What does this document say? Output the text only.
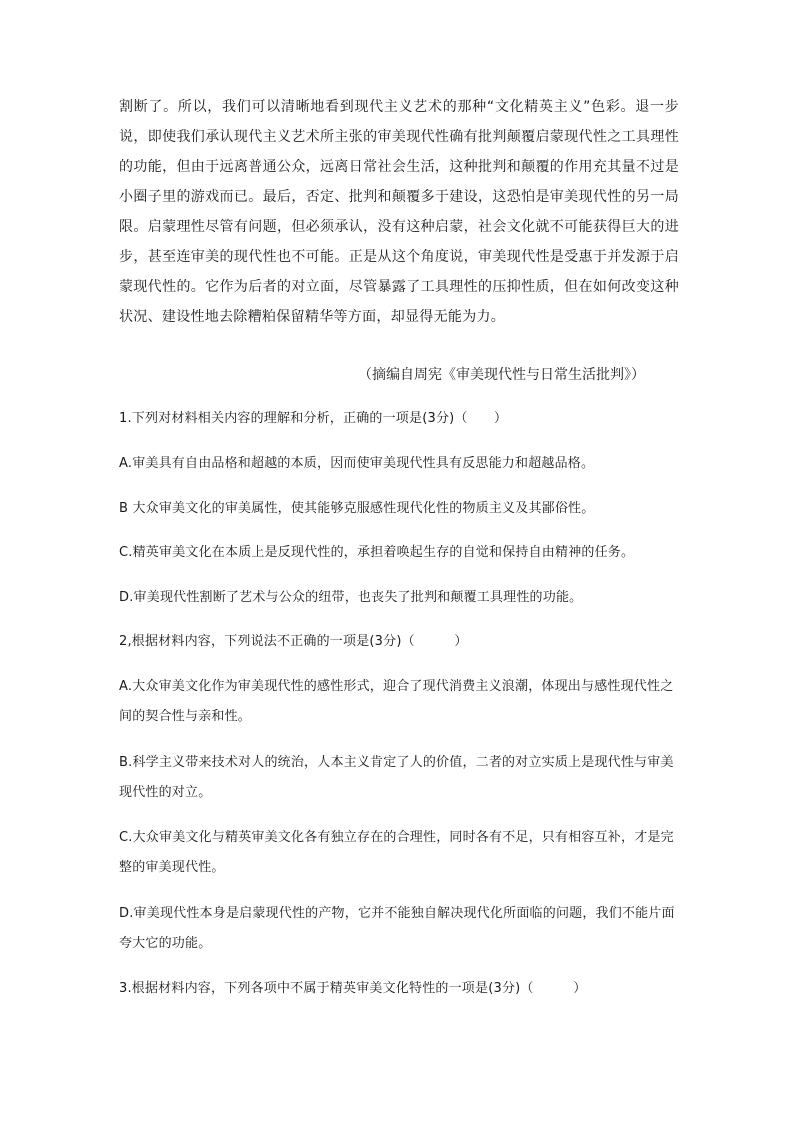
割断了。所以，我们可以清晰地看到现代主义艺术的那种“文化精英主义”色彩。退一步说，即使我们承认现代主义艺术所主张的审美现代性确有批判颠覆启蒙现代性之工具理性的功能，但由于远离普通公众，远离日常社会生活，这种批判和颠覆的作用充其量不过是小圈子里的游戏而已。最后，否定、批判和颠覆多于建设，这恐怕是审美现代性的另一局限。启蒙理性尽管有问题，但必须承认，没有这种启蒙，社会文化就不可能获得巨大的进步，甚至连审美的现代性也不可能。正是从这个角度说，审美现代性是受惠于并发源于启蒙现代性的。它作为后者的对立面，尽管暴露了工具理性的压抑性质，但在如何改变这种状况、建设性地去除糟粕保留精华等方面，却显得无能为力。

（摘编自周宪《审美现代性与日常生活批判》）

1.下列对材料相关内容的理解和分析，正确的一项是(3分)（　　）

A.审美具有自由品格和超越的本质，因而使审美现代性具有反思能力和超越品格。

B 大众审美文化的审美属性，使其能够克服感性现代化性的物质主义及其鄙俗性。

C.精英审美文化在本质上是反现代性的，承担着唤起生存的自觉和保持自由精神的任务。

D.审美现代性割断了艺术与公众的纽带，也丧失了批判和颠覆工具理性的功能。

2,根据材料内容，下列说法不正确的一项是(3分)（　　　）

A.大众审美文化作为审美现代性的感性形式，迎合了现代消费主义浪潮，体现出与感性现代性之间的契合性与亲和性。

B.科学主义带来技术对人的统治，人本主义肯定了人的价值，二者的对立实质上是现代性与审美现代性的对立。

C.大众审美文化与精英审美文化各有独立存在的合理性，同时各有不足，只有相容互补，才是完整的审美现代性。

D.审美现代性本身是启蒙现代性的产物，它并不能独自解决现代化所面临的问题，我们不能片面夸大它的功能。

3.根据材料内容，下列各项中不属于精英审美文化特性的一项是(3分)（　　　）
